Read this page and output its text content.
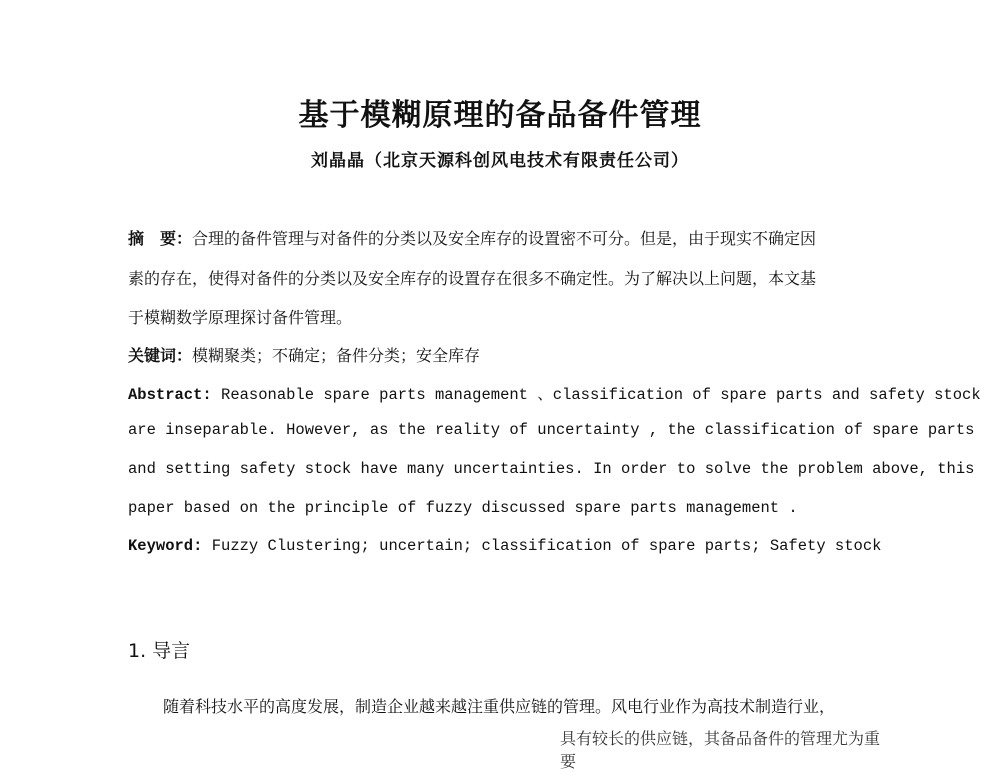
基于模糊原理的备品备件管理
刘晶晶（北京天源科创风电技术有限责任公司）
摘　要：合理的备件管理与对备件的分类以及安全库存的设置密不可分。但是，由于现实不确定因
素的存在，使得对备件的分类以及安全库存的设置存在很多不确定性。为了解决以上问题，本文基
于模糊数学原理探讨备件管理。
关键词：模糊聚类；不确定；备件分类；安全库存
Abstract: Reasonable spare parts management 、classification of spare parts and safety stock
are inseparable. However, as the reality of uncertainty , the classification of spare parts
and setting safety stock have many uncertainties. In order to solve the problem above, this
paper based on the principle of fuzzy discussed spare parts management .
Keyword: Fuzzy Clustering; uncertain; classification of spare parts; Safety stock
1. 导言
随着科技水平的高度发展，制造企业越来越注重供应链的管理。风电行业作为高技术制造行业，
具有较长的供应链，其备品备件的管理尤为重要
